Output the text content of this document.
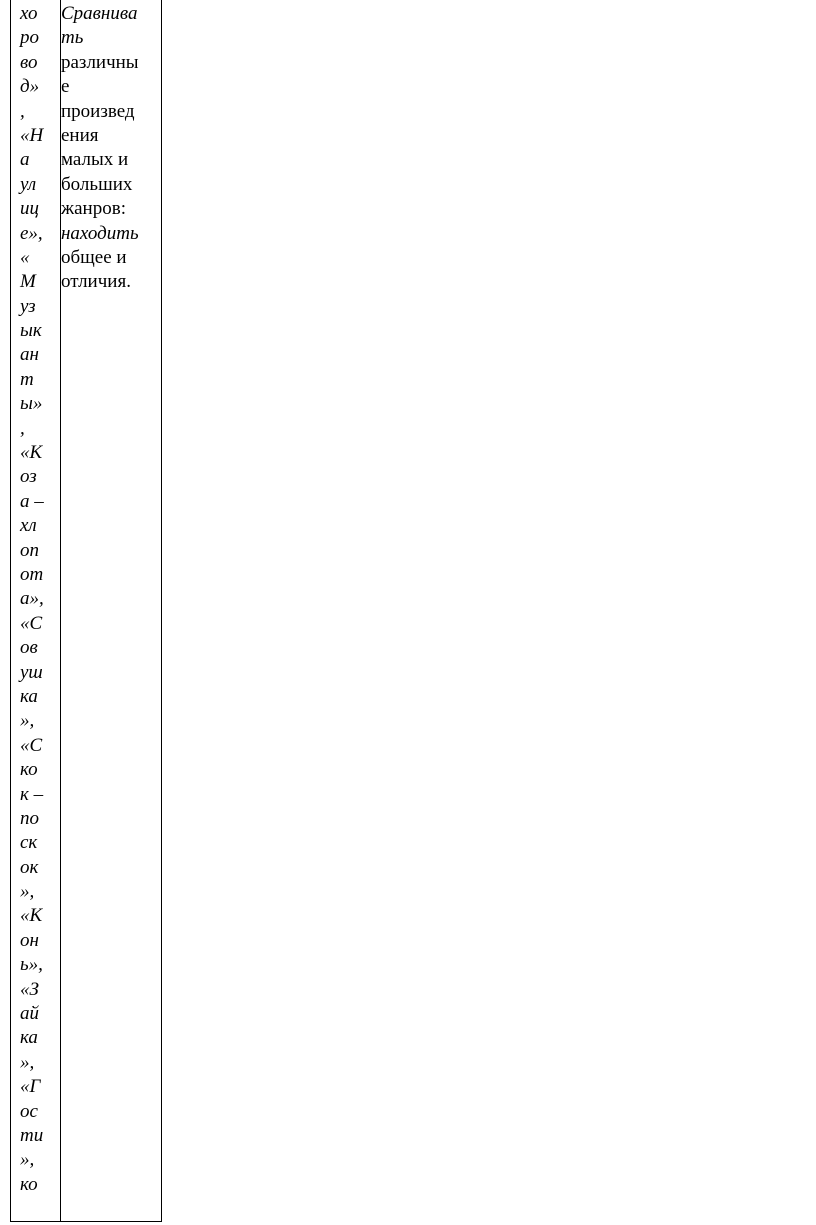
хо
ро
во
д»
,
«Н
а
ул
иц
е»,
«
М
уз
ык
ан
т
ы»
,
«К
оз
а –
хл
оп
от
а»,
«С
ов
уш
ка
»,
«С
ко
к –
по
ск
ок
»,
«К
он
ь»,
«З
ай
ка
»,
«Г
ос
ти
»,
ко
Сравнива
ть
различны
е
произвед
ения
малых и
больших
жанров:
находить
общее и
отличия.
